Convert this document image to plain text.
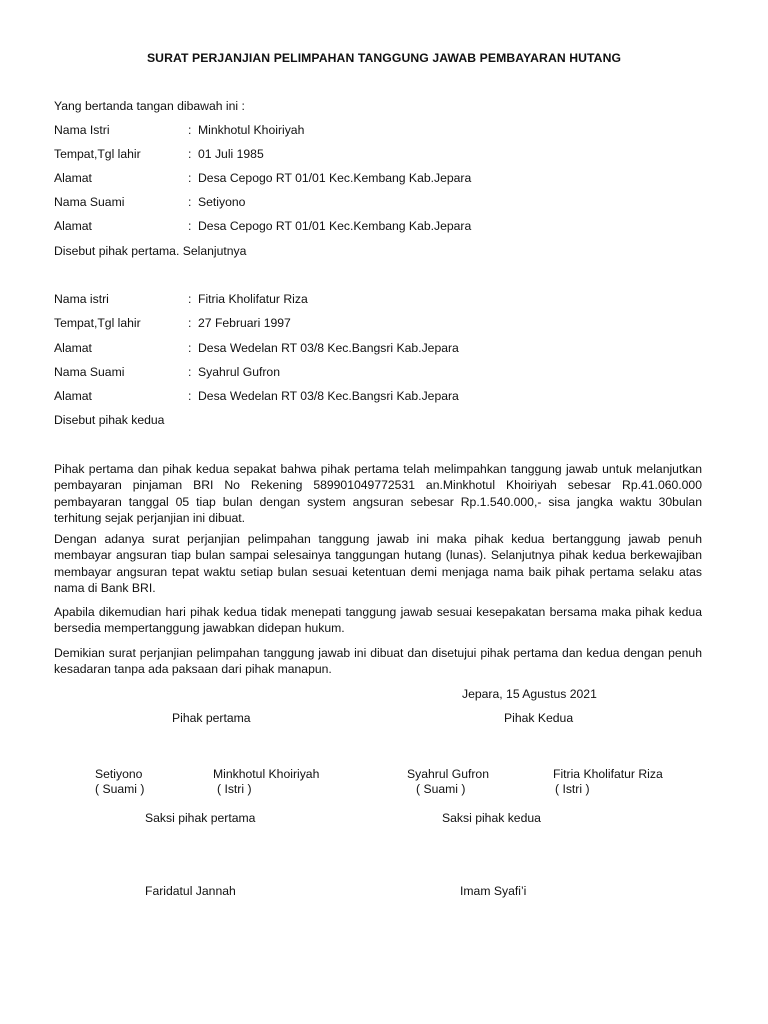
SURAT PERJANJIAN PELIMPAHAN TANGGUNG JAWAB PEMBAYARAN HUTANG
Yang bertanda tangan dibawah ini :
Nama Istri	: Minkhotul Khoiriyah
Tempat,Tgl lahir	: 01 Juli 1985
Alamat	: Desa Cepogo RT 01/01 Kec.Kembang Kab.Jepara
Nama Suami	: Setiyono
Alamat	: Desa Cepogo RT 01/01 Kec.Kembang Kab.Jepara
Disebut pihak pertama. Selanjutnya
Nama istri	: Fitria Kholifatur Riza
Tempat,Tgl lahir	: 27 Februari 1997
Alamat	: Desa Wedelan RT 03/8 Kec.Bangsri Kab.Jepara
Nama Suami	: Syahrul Gufron
Alamat	: Desa Wedelan RT 03/8 Kec.Bangsri Kab.Jepara
Disebut pihak kedua
Pihak pertama dan pihak kedua sepakat bahwa pihak pertama telah melimpahkan tanggung jawab untuk melanjutkan pembayaran pinjaman BRI No Rekening 589901049772531 an.Minkhotul Khoiriyah sebesar Rp.41.060.000 pembayaran tanggal 05 tiap bulan dengan system angsuran sebesar Rp.1.540.000,- sisa jangka waktu 30bulan terhitung sejak perjanjian ini dibuat.
Dengan adanya surat perjanjian pelimpahan tanggung jawab ini maka pihak kedua bertanggung jawab penuh membayar angsuran tiap bulan sampai selesainya tanggungan hutang (lunas). Selanjutnya pihak kedua berkewajiban membayar angsuran tepat waktu setiap bulan sesuai ketentuan demi menjaga nama baik pihak pertama selaku atas nama di Bank BRI.
Apabila dikemudian hari pihak kedua tidak menepati tanggung jawab sesuai kesepakatan bersama maka pihak kedua bersedia mempertanggung jawabkan didepan hukum.
Demikian surat perjanjian pelimpahan tanggung jawab ini dibuat dan disetujui pihak pertama dan kedua dengan penuh kesadaran tanpa ada paksaan dari pihak manapun.
Jepara, 15 Agustus 2021
Pihak pertama	Pihak Kedua
Setiyono
( Suami )
Minkhotul Khoiriyah
( Istri )
Syahrul Gufron
( Suami )
Fitria Kholifatur Riza
( Istri )
Saksi pihak pertama	Saksi pihak kedua
Faridatul Jannah	Imam Syafi’i
